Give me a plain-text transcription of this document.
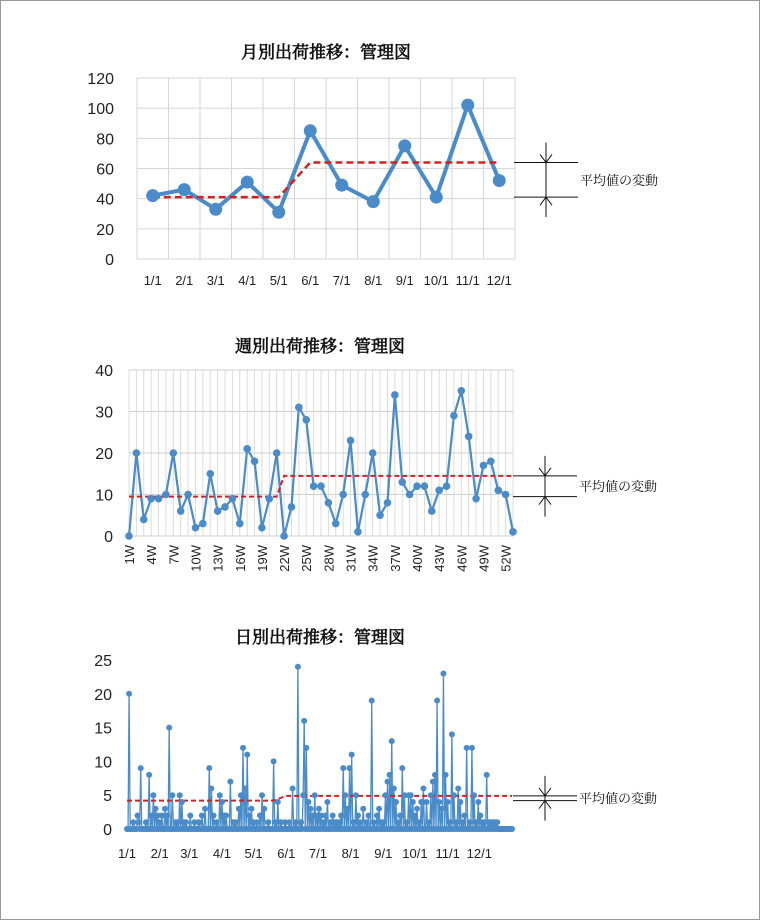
月別出荷推移：管理図
0
20
40
60
80
100
120
1/1 2/1 3/1 4/1 5/1 6/1 7/1 8/1 9/1 10/1 11/1 12/1
平均値の変動
週別出荷推移：管理図
0
10
20
30
40
1W 4W 7W 10W 13W 16W 19W 22W 25W 28W 31W 34W 37W 40W 43W 46W 49W 52W
平均値の変動
日別出荷推移：管理図
0
5
10
15
20
25
1/1 2/1 3/1 4/1 5/1 6/1 7/1 8/1 9/1 10/1 11/1 12/1
平均値の変動
